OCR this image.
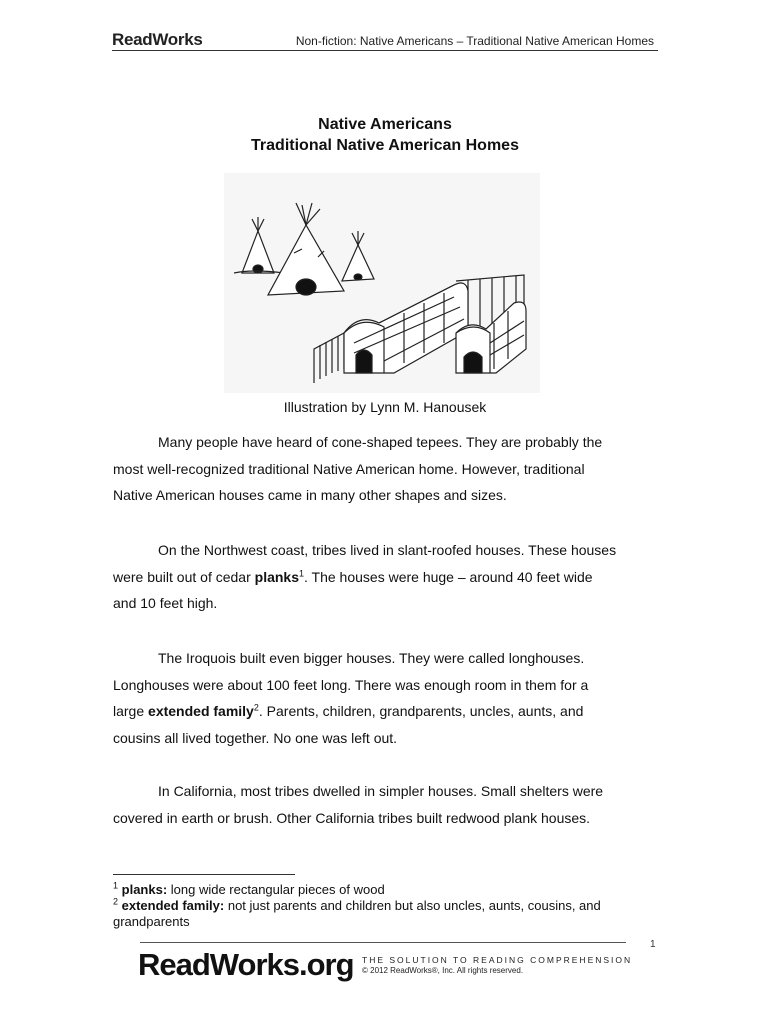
ReadWorks	Non-fiction: Native Americans – Traditional Native American Homes
Native Americans
Traditional Native American Homes
Illustration by Lynn M. Hanousek
Many people have heard of cone-shaped tepees. They are probably the
most well-recognized traditional Native American home. However, traditional
Native American houses came in many other shapes and sizes.
On the Northwest coast, tribes lived in slant-roofed houses. These houses
were built out of cedar planks$^1$. The houses were huge – around 40 feet wide
and 10 feet high.
The Iroquois built even bigger houses. They were called longhouses.
Longhouses were about 100 feet long. There was enough room in them for a
large extended family$^2$. Parents, children, grandparents, uncles, aunts, and
cousins all lived together. No one was left out.
In California, most tribes dwelled in simpler houses. Small shelters were
covered in earth or brush. Other California tribes built redwood plank houses.
$^1$ planks: long wide rectangular pieces of wood
$^2$ extended family: not just parents and children but also uncles, aunts, cousins, and grandparents
1
ReadWorks.org THE SOLUTION TO READING COMPREHENSION
© 2012 ReadWorks®, Inc. All rights reserved.
